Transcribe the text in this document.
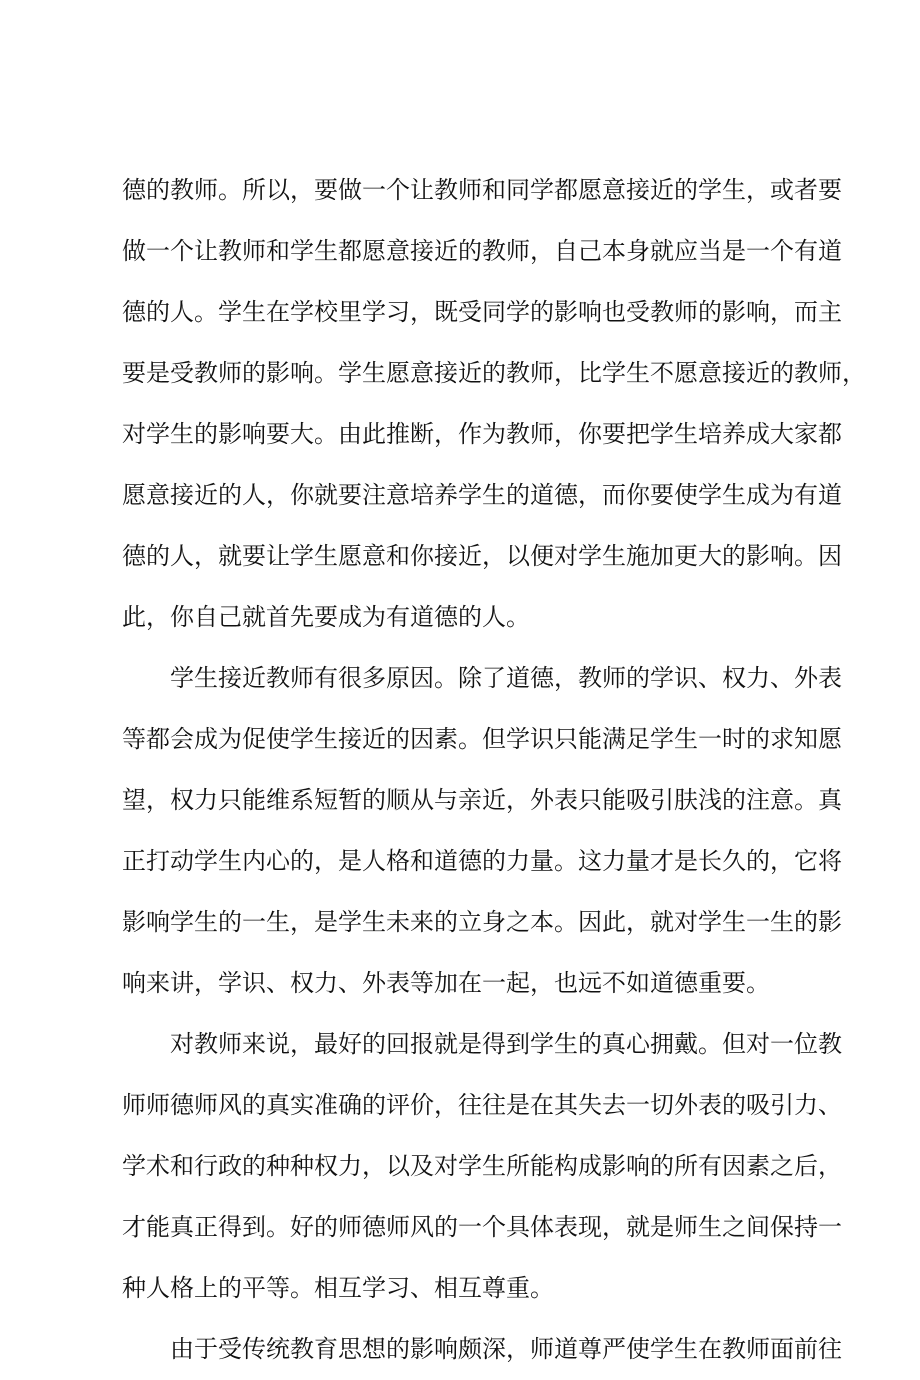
德的教师。所以，要做一个让教师和同学都愿意接近的学生，或者要
做一个让教师和学生都愿意接近的教师，自己本身就应当是一个有道
德的人。学生在学校里学习，既受同学的影响也受教师的影响，而主
要是受教师的影响。学生愿意接近的教师，比学生不愿意接近的教师，
对学生的影响要大。由此推断，作为教师，你要把学生培养成大家都
愿意接近的人，你就要注意培养学生的道德，而你要使学生成为有道
德的人，就要让学生愿意和你接近，以便对学生施加更大的影响。因
此，你自己就首先要成为有道德的人。
学生接近教师有很多原因。除了道德，教师的学识、权力、外表
等都会成为促使学生接近的因素。但学识只能满足学生一时的求知愿
望，权力只能维系短暂的顺从与亲近，外表只能吸引肤浅的注意。真
正打动学生内心的，是人格和道德的力量。这力量才是长久的，它将
影响学生的一生，是学生未来的立身之本。因此，就对学生一生的影
响来讲，学识、权力、外表等加在一起，也远不如道德重要。
对教师来说，最好的回报就是得到学生的真心拥戴。但对一位教
师师德师风的真实准确的评价，往往是在其失去一切外表的吸引力、
学术和行政的种种权力，以及对学生所能构成影响的所有因素之后，
才能真正得到。好的师德师风的一个具体表现，就是师生之间保持一
种人格上的平等。相互学习、相互尊重。
由于受传统教育思想的影响颇深，师道尊严使学生在教师面前往
